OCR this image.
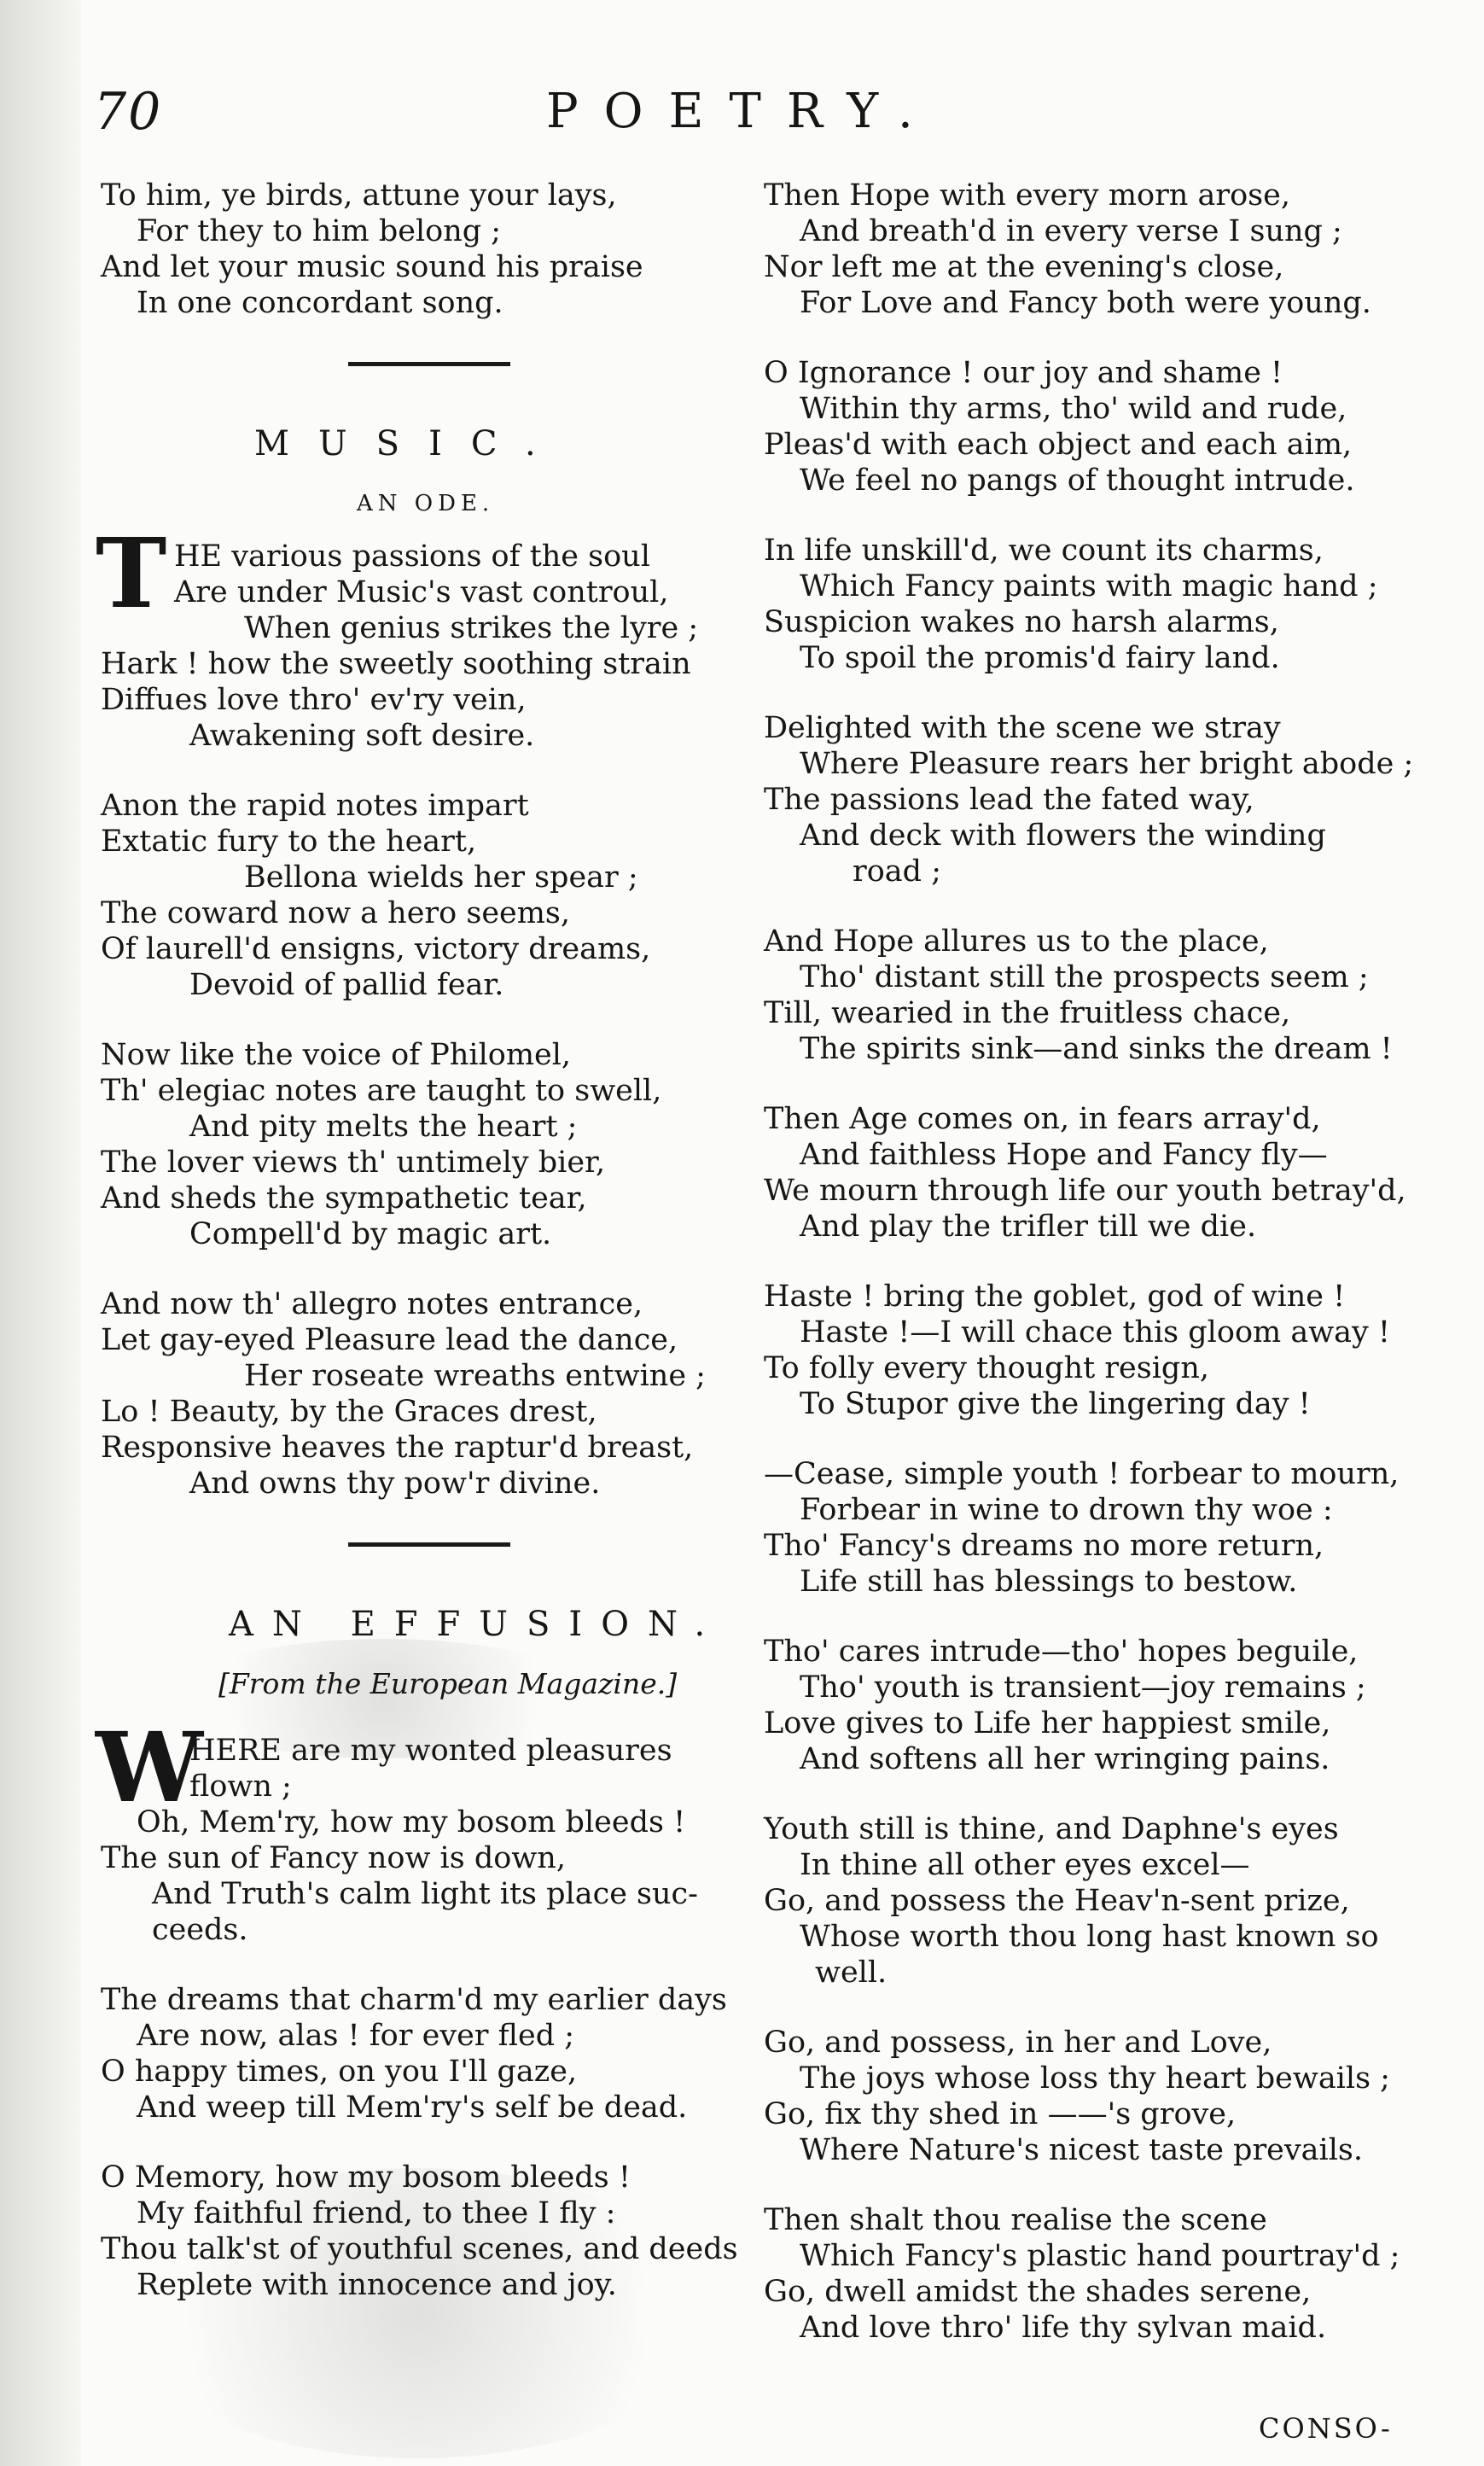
70	POETRY.
To him, ye birds, attune your lays,
For they to him belong ;
And let your music sound his praise
In one concordant song.
MUSIC.
AN ODE.
T HE various passions of the soul
Are under Music's vast controul,
When genius strikes the lyre ;
Hark ! how the sweetly soothing strain
Diffues love thro' ev'ry vein,
Awakening soft desire.
Anon the rapid notes impart
Extatic fury to the heart,
Bellona wields her spear ;
The coward now a hero seems,
Of laurell'd ensigns, victory dreams,
Devoid of pallid fear.
Now like the voice of Philomel,
Th' elegiac notes are taught to swell,
And pity melts the heart ;
The lover views th' untimely bier,
And sheds the sympathetic tear,
Compell'd by magic art.
And now th' allegro notes entrance,
Let gay-eyed Pleasure lead the dance,
Her roseate wreaths entwine ;
Lo ! Beauty, by the Graces drest,
Responsive heaves the raptur'd breast,
And owns thy pow'r divine.
AN EFFUSION.
[From the European Magazine.]
W
HERE are my wonted pleasures
flown ;
Oh, Mem'ry, how my bosom bleeds !
The sun of Fancy now is down,
And Truth's calm light its place suc-
ceeds.
The dreams that charm'd my earlier days
Are now, alas ! for ever fled ;
O happy times, on you I'll gaze,
And weep till Mem'ry's self be dead.
O Memory, how my bosom bleeds !
My faithful friend, to thee I fly :
Thou talk'st of youthful scenes, and deeds
Replete with innocence and joy.
Then Hope with every morn arose,
And breath'd in every verse I sung ;
Nor left me at the evening's close,
For Love and Fancy both were young.
O Ignorance ! our joy and shame !
Within thy arms, tho' wild and rude,
Pleas'd with each object and each aim,
We feel no pangs of thought intrude.
In life unskill'd, we count its charms,
Which Fancy paints with magic hand ;
Suspicion wakes no harsh alarms,
To spoil the promis'd fairy land.
Delighted with the scene we stray
Where Pleasure rears her bright abode ;
The passions lead the fated way,
And deck with flowers the winding
road ;
And Hope allures us to the place,
Tho' distant still the prospects seem ;
Till, wearied in the fruitless chace,
The spirits sink—and sinks the dream !
Then Age comes on, in fears array'd,
And faithless Hope and Fancy fly—
We mourn through life our youth betray'd,
And play the trifler till we die.
Haste ! bring the goblet, god of wine !
Haste !—I will chace this gloom away !
To folly every thought resign,
To Stupor give the lingering day !
—Cease, simple youth ! forbear to mourn,
Forbear in wine to drown thy woe :
Tho' Fancy's dreams no more return,
Life still has blessings to bestow.
Tho' cares intrude—tho' hopes beguile,
Tho' youth is transient—joy remains ;
Love gives to Life her happiest smile,
And softens all her wringing pains.
Youth still is thine, and Daphne's eyes
In thine all other eyes excel—
Go, and possess the Heav'n-sent prize,
Whose worth thou long hast known so
well.
Go, and possess, in her and Love,
The joys whose loss thy heart bewails ;
Go, fix thy shed in ——'s grove,
Where Nature's nicest taste prevails.
Then shalt thou realise the scene
Which Fancy's plastic hand pourtray'd ;
Go, dwell amidst the shades serene,
And love thro' life thy sylvan maid.
CONSO-
